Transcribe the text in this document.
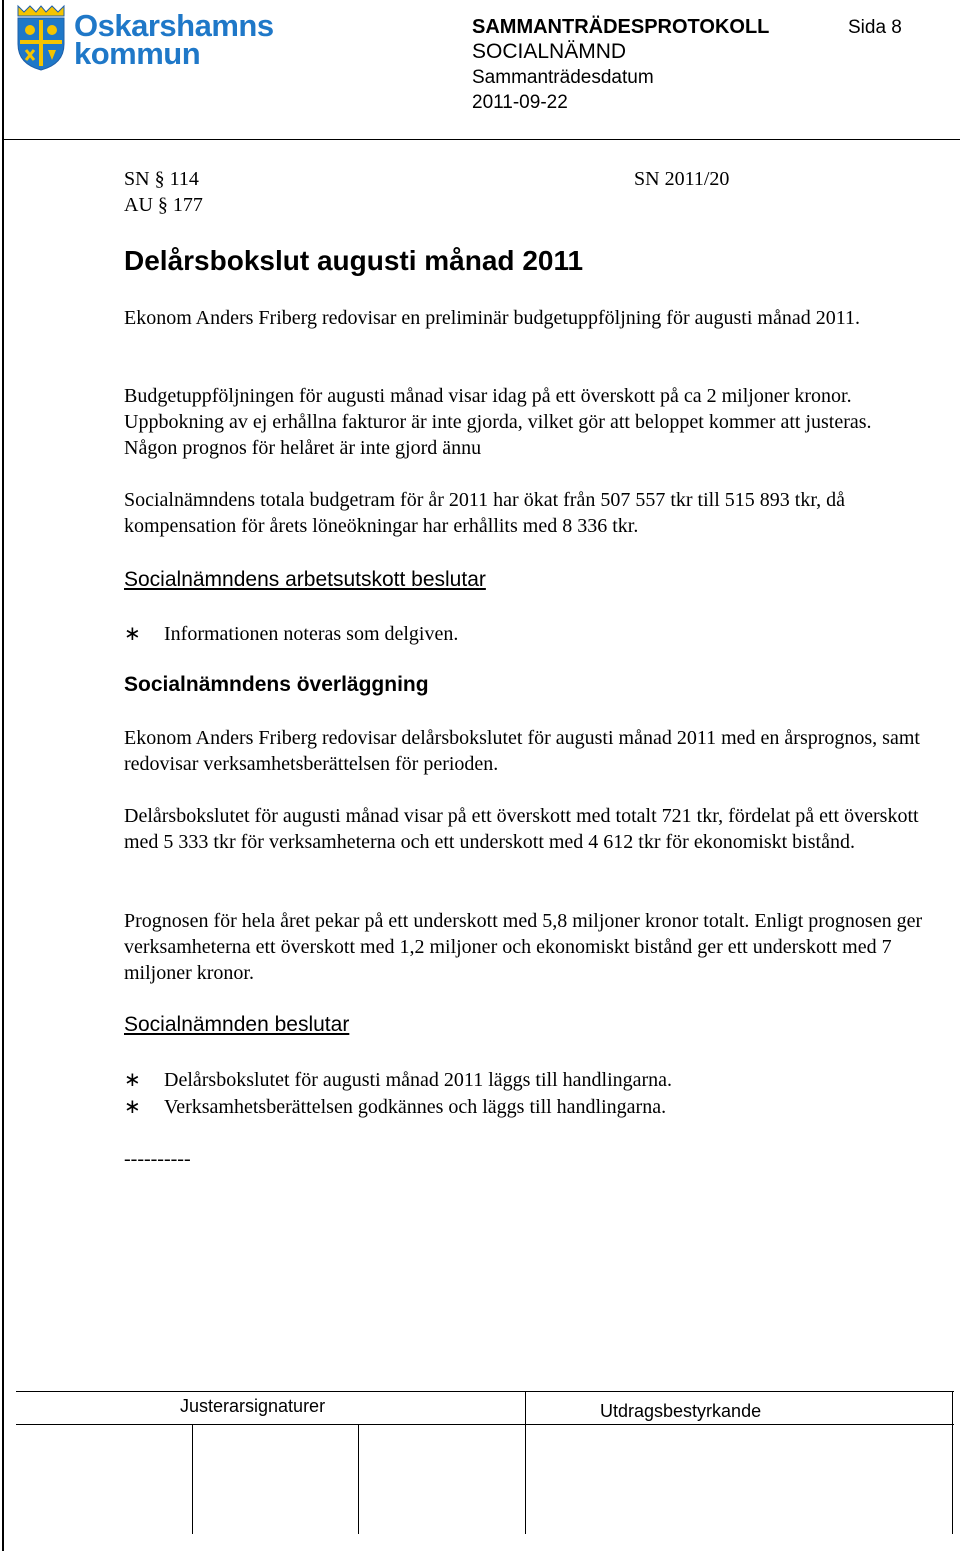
Oskarshamns
kommun
SAMMANTRÄDESPROTOKOLL	Sida 8
SOCIALNÄMND
Sammanträdesdatum
2011-09-22
SN § 114
AU § 177
SN 2011/20
Delårsbokslut augusti månad 2011
Ekonom Anders Friberg redovisar en preliminär budgetuppföljning för augusti månad 2011.
Budgetuppföljningen för augusti månad visar idag på ett överskott på ca 2 miljoner kronor. Uppbokning av ej erhållna fakturor är inte gjorda, vilket gör att beloppet kommer att justeras. Någon prognos för helåret är inte gjord ännu
Socialnämndens totala budgetram för år 2011 har ökat från 507 557 tkr till 515 893 tkr, då kompensation för årets löneökningar har erhållits med 8 336 tkr.
Socialnämndens arbetsutskott beslutar
∗ Informationen noteras som delgiven.
Socialnämndens överläggning
Ekonom Anders Friberg redovisar delårsbokslutet för augusti månad 2011 med en årsprognos, samt redovisar verksamhetsberättelsen för perioden.
Delårsbokslutet för augusti månad visar på ett överskott med totalt 721 tkr, fördelat på ett överskott med 5 333 tkr för verksamheterna och ett underskott med 4 612 tkr för ekonomiskt bistånd.
Prognosen för hela året pekar på ett underskott med 5,8 miljoner kronor totalt. Enligt prognosen ger verksamheterna ett överskott med 1,2 miljoner och ekonomiskt bistånd ger ett underskott med 7 miljoner kronor.
Socialnämnden beslutar
∗ Delårsbokslutet för augusti månad 2011 läggs till handlingarna.
∗ Verksamhetsberättelsen godkännes och läggs till handlingarna.
----------
Justerarsignaturer	Utdragsbestyrkande
